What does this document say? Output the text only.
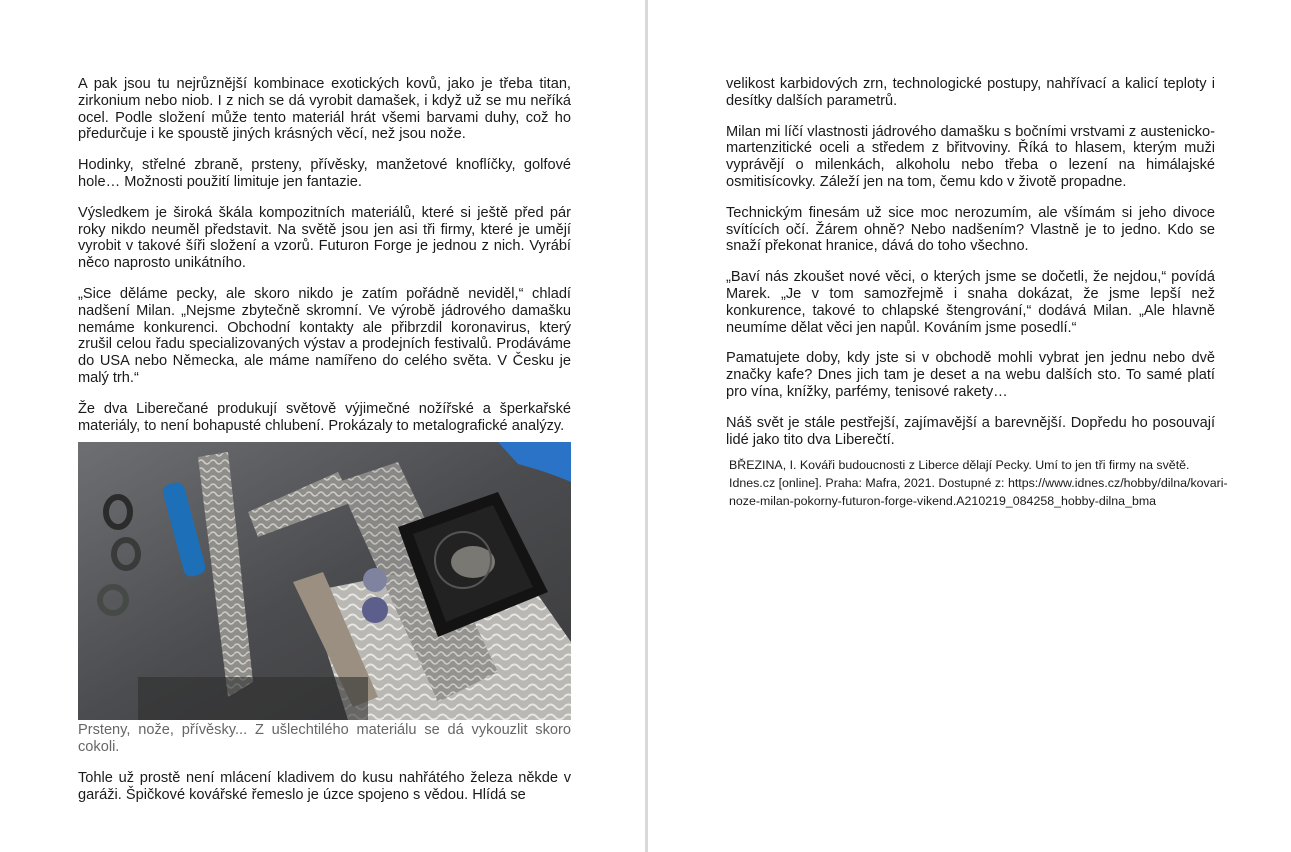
A pak jsou tu nejrůznější kombinace exotických kovů, jako je třeba titan, zirkonium nebo niob. I z nich se dá vyrobit damašek, i když už se mu neříká ocel. Podle složení může tento materiál hrát všemi barvami duhy, což ho předurčuje i ke spoustě jiných krásných věcí, než jsou nože.

Hodinky, střelné zbraně, prsteny, přívěsky, manžetové knoflíčky, golfové hole… Možnosti použití limituje jen fantazie.

Výsledkem je široká škála kompozitních materiálů, které si ještě před pár roky nikdo neuměl představit. Na světě jsou jen asi tři firmy, které je umějí vyrobit v takové šíři složení a vzorů. Futuron Forge je jednou z nich. Vyrábí něco naprosto unikátního.

„Sice děláme pecky, ale skoro nikdo je zatím pořádně neviděl,“ chladí nadšení Milan. „Nejsme zbytečně skromní. Ve výrobě jádrového damašku nemáme konkurenci. Obchodní kontakty ale přibrzdil koronavirus, který zrušil celou řadu specializovaných výstav a prodejních festivalů. Prodáváme do USA nebo Německa, ale máme namířeno do celého světa. V Česku je malý trh.“

Že dva Liberečané produkují světově výjimečné nožířské a šperkařské materiály, to není bohapusté chlubení. Prokázaly to metalografické analýzy.

Prsteny, nože, přívěsky... Z ušlechtilého materiálu se dá vykouzlit skoro cokoli.

Tohle už prostě není mlácení kladivem do kusu nahřátého železa někde v garáži. Špičkové kovářské řemeslo je úzce spojeno s vědou. Hlídá se

velikost karbidových zrn, technologické postupy, nahřívací a kalicí teploty i desítky dalších parametrů.

Milan mi líčí vlastnosti jádrového damašku s bočními vrstvami z austenicko-martenzitické oceli a středem z břitvoviny. Říká to hlasem, kterým muži vyprávějí o milenkách, alkoholu nebo třeba o lezení na himálajské osmitisícovky. Záleží jen na tom, čemu kdo v životě propadne.

Technickým finesám už sice moc nerozumím, ale všímám si jeho divoce svítících očí. Žárem ohně? Nebo nadšením? Vlastně je to jedno. Kdo se snaží překonat hranice, dává do toho všechno.

„Baví nás zkoušet nové věci, o kterých jsme se dočetli, že nejdou,“ povídá Marek. „Je v tom samozřejmě i snaha dokázat, že jsme lepší než konkurence, takové to chlapské štengrování,“ dodává Milan. „Ale hlavně neumíme dělat věci jen napůl. Kováním jsme posedlí.“

Pamatujete doby, kdy jste si v obchodě mohli vybrat jen jednu nebo dvě značky kafe? Dnes jich tam je deset a na webu dalších sto. To samé platí pro vína, knížky, parfémy, tenisové rakety…

Náš svět je stále pestřejší, zajímavější a barevnější. Dopředu ho posouvají lidé jako tito dva Liberečtí.

BŘEZINA, I. Kováři budoucnosti z Liberce dělají Pecky. Umí to jen tři firmy na světě. Idnes.cz [online]. Praha: Mafra, 2021. Dostupné z: https://www.idnes.cz/hobby/dilna/kovari-noze-milan-pokorny-futuron-forge-vikend.A210219_084258_hobby-dilna_bma
